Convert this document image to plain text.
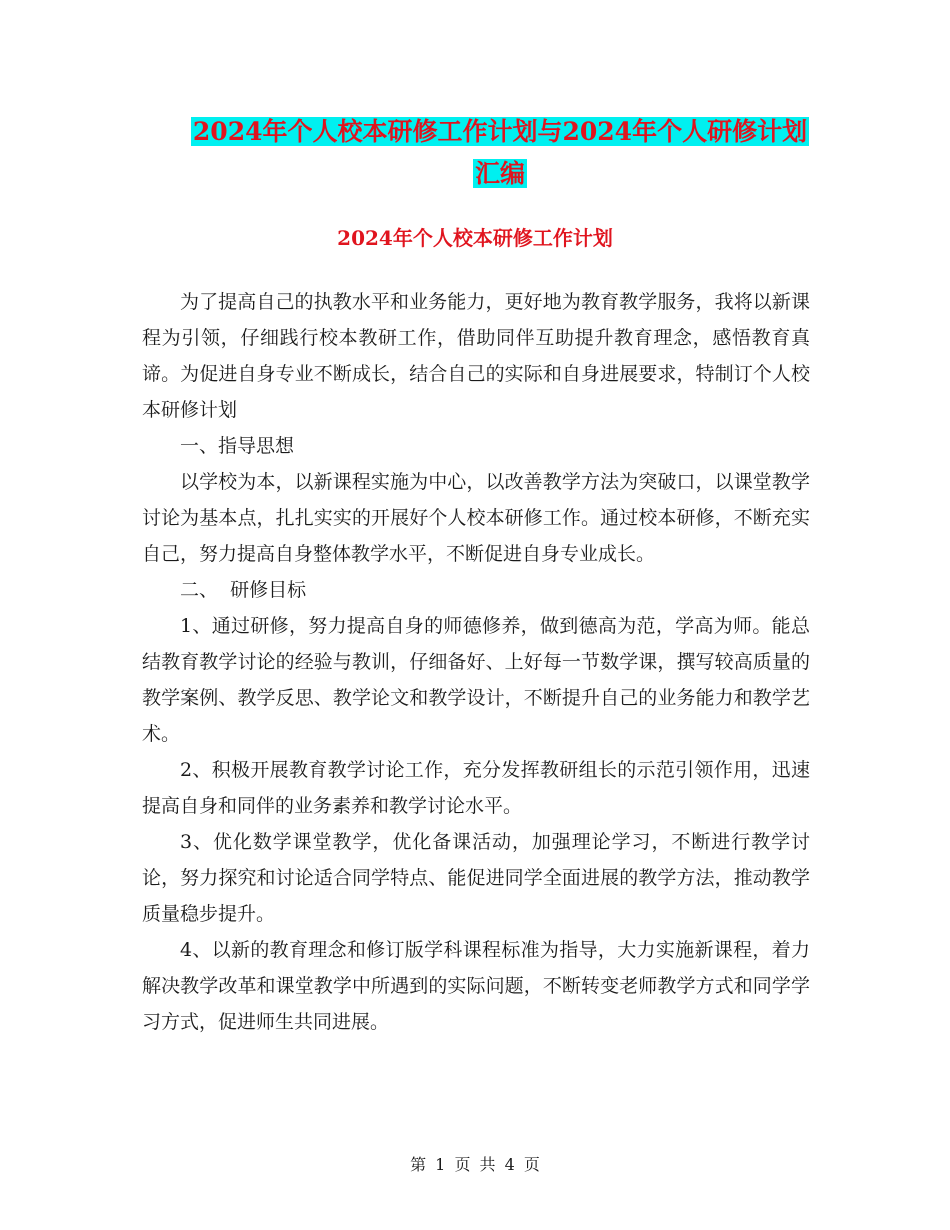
2024年个人校本研修工作计划与2024年个人研修计划
汇编
2024年个人校本研修工作计划

为了提高自己的执教水平和业务能力，更好地为教育教学服务，我将以新课程为引领，仔细践行校本教研工作，借助同伴互助提升教育理念，感悟教育真谛。为促进自身专业不断成长，结合自己的实际和自身进展要求，特制订个人校本研修计划

一、指导思想

以学校为本，以新课程实施为中心，以改善教学方法为突破口，以课堂教学讨论为基本点，扎扎实实的开展好个人校本研修工作。通过校本研修，不断充实自己，努力提高自身整体教学水平，不断促进自身专业成长。

二、  研修目标

1、通过研修，努力提高自身的师德修养，做到德高为范，学高为师。能总结教育教学讨论的经验与教训，仔细备好、上好每一节数学课，撰写较高质量的教学案例、教学反思、教学论文和教学设计，不断提升自己的业务能力和教学艺术。

2、积极开展教育教学讨论工作，充分发挥教研组长的示范引领作用，迅速提高自身和同伴的业务素养和教学讨论水平。

3、优化数学课堂教学，优化备课活动，加强理论学习，不断进行教学讨论，努力探究和讨论适合同学特点、能促进同学全面进展的教学方法，推动教学质量稳步提升。

4、以新的教育理念和修订版学科课程标准为指导，大力实施新课程，着力解决教学改革和课堂教学中所遇到的实际问题，不断转变老师教学方式和同学学习方式，促进师生共同进展。

第 1 页 共 4 页
